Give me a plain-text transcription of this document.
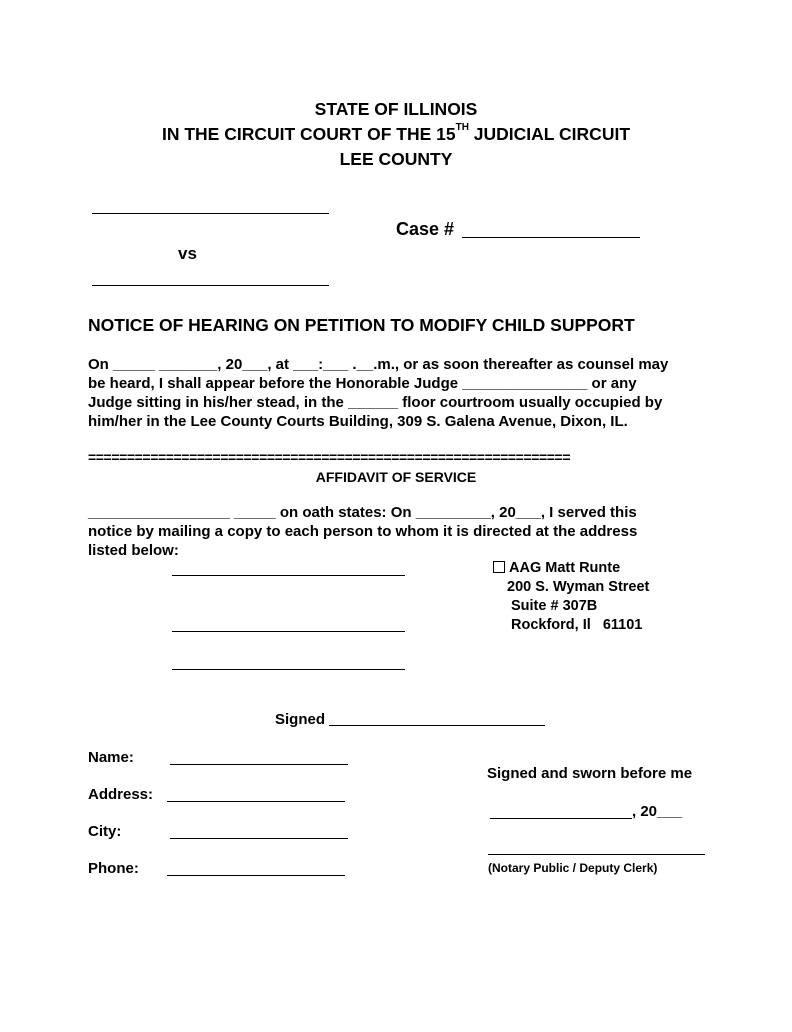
STATE OF ILLINOIS
IN THE CIRCUIT COURT OF THE 15TH JUDICIAL CIRCUIT
LEE COUNTY
vs
Case #
NOTICE OF HEARING ON PETITION TO MODIFY CHILD SUPPORT
On _____ _______, 20___, at ___:___ .__.m., or as soon thereafter as counsel may
be heard, I shall appear before the Honorable Judge _______________ or any
Judge sitting in his/her stead, in the ______ floor courtroom usually occupied by
him/her in the Lee County Courts Building, 309 S. Galena Avenue, Dixon, IL.
==============================================================
AFFIDAVIT OF SERVICE
_________________ _____ on oath states: On _________, 20___, I served this
notice by mailing a copy to each person to whom it is directed at the address
listed below:
AAG Matt Runte
200 S. Wyman Street
Suite # 307B
Rockford, Il   61101
Signed
Name:
Address:
City:
Phone:
Signed and sworn before me
, 20___
(Notary Public / Deputy Clerk)
